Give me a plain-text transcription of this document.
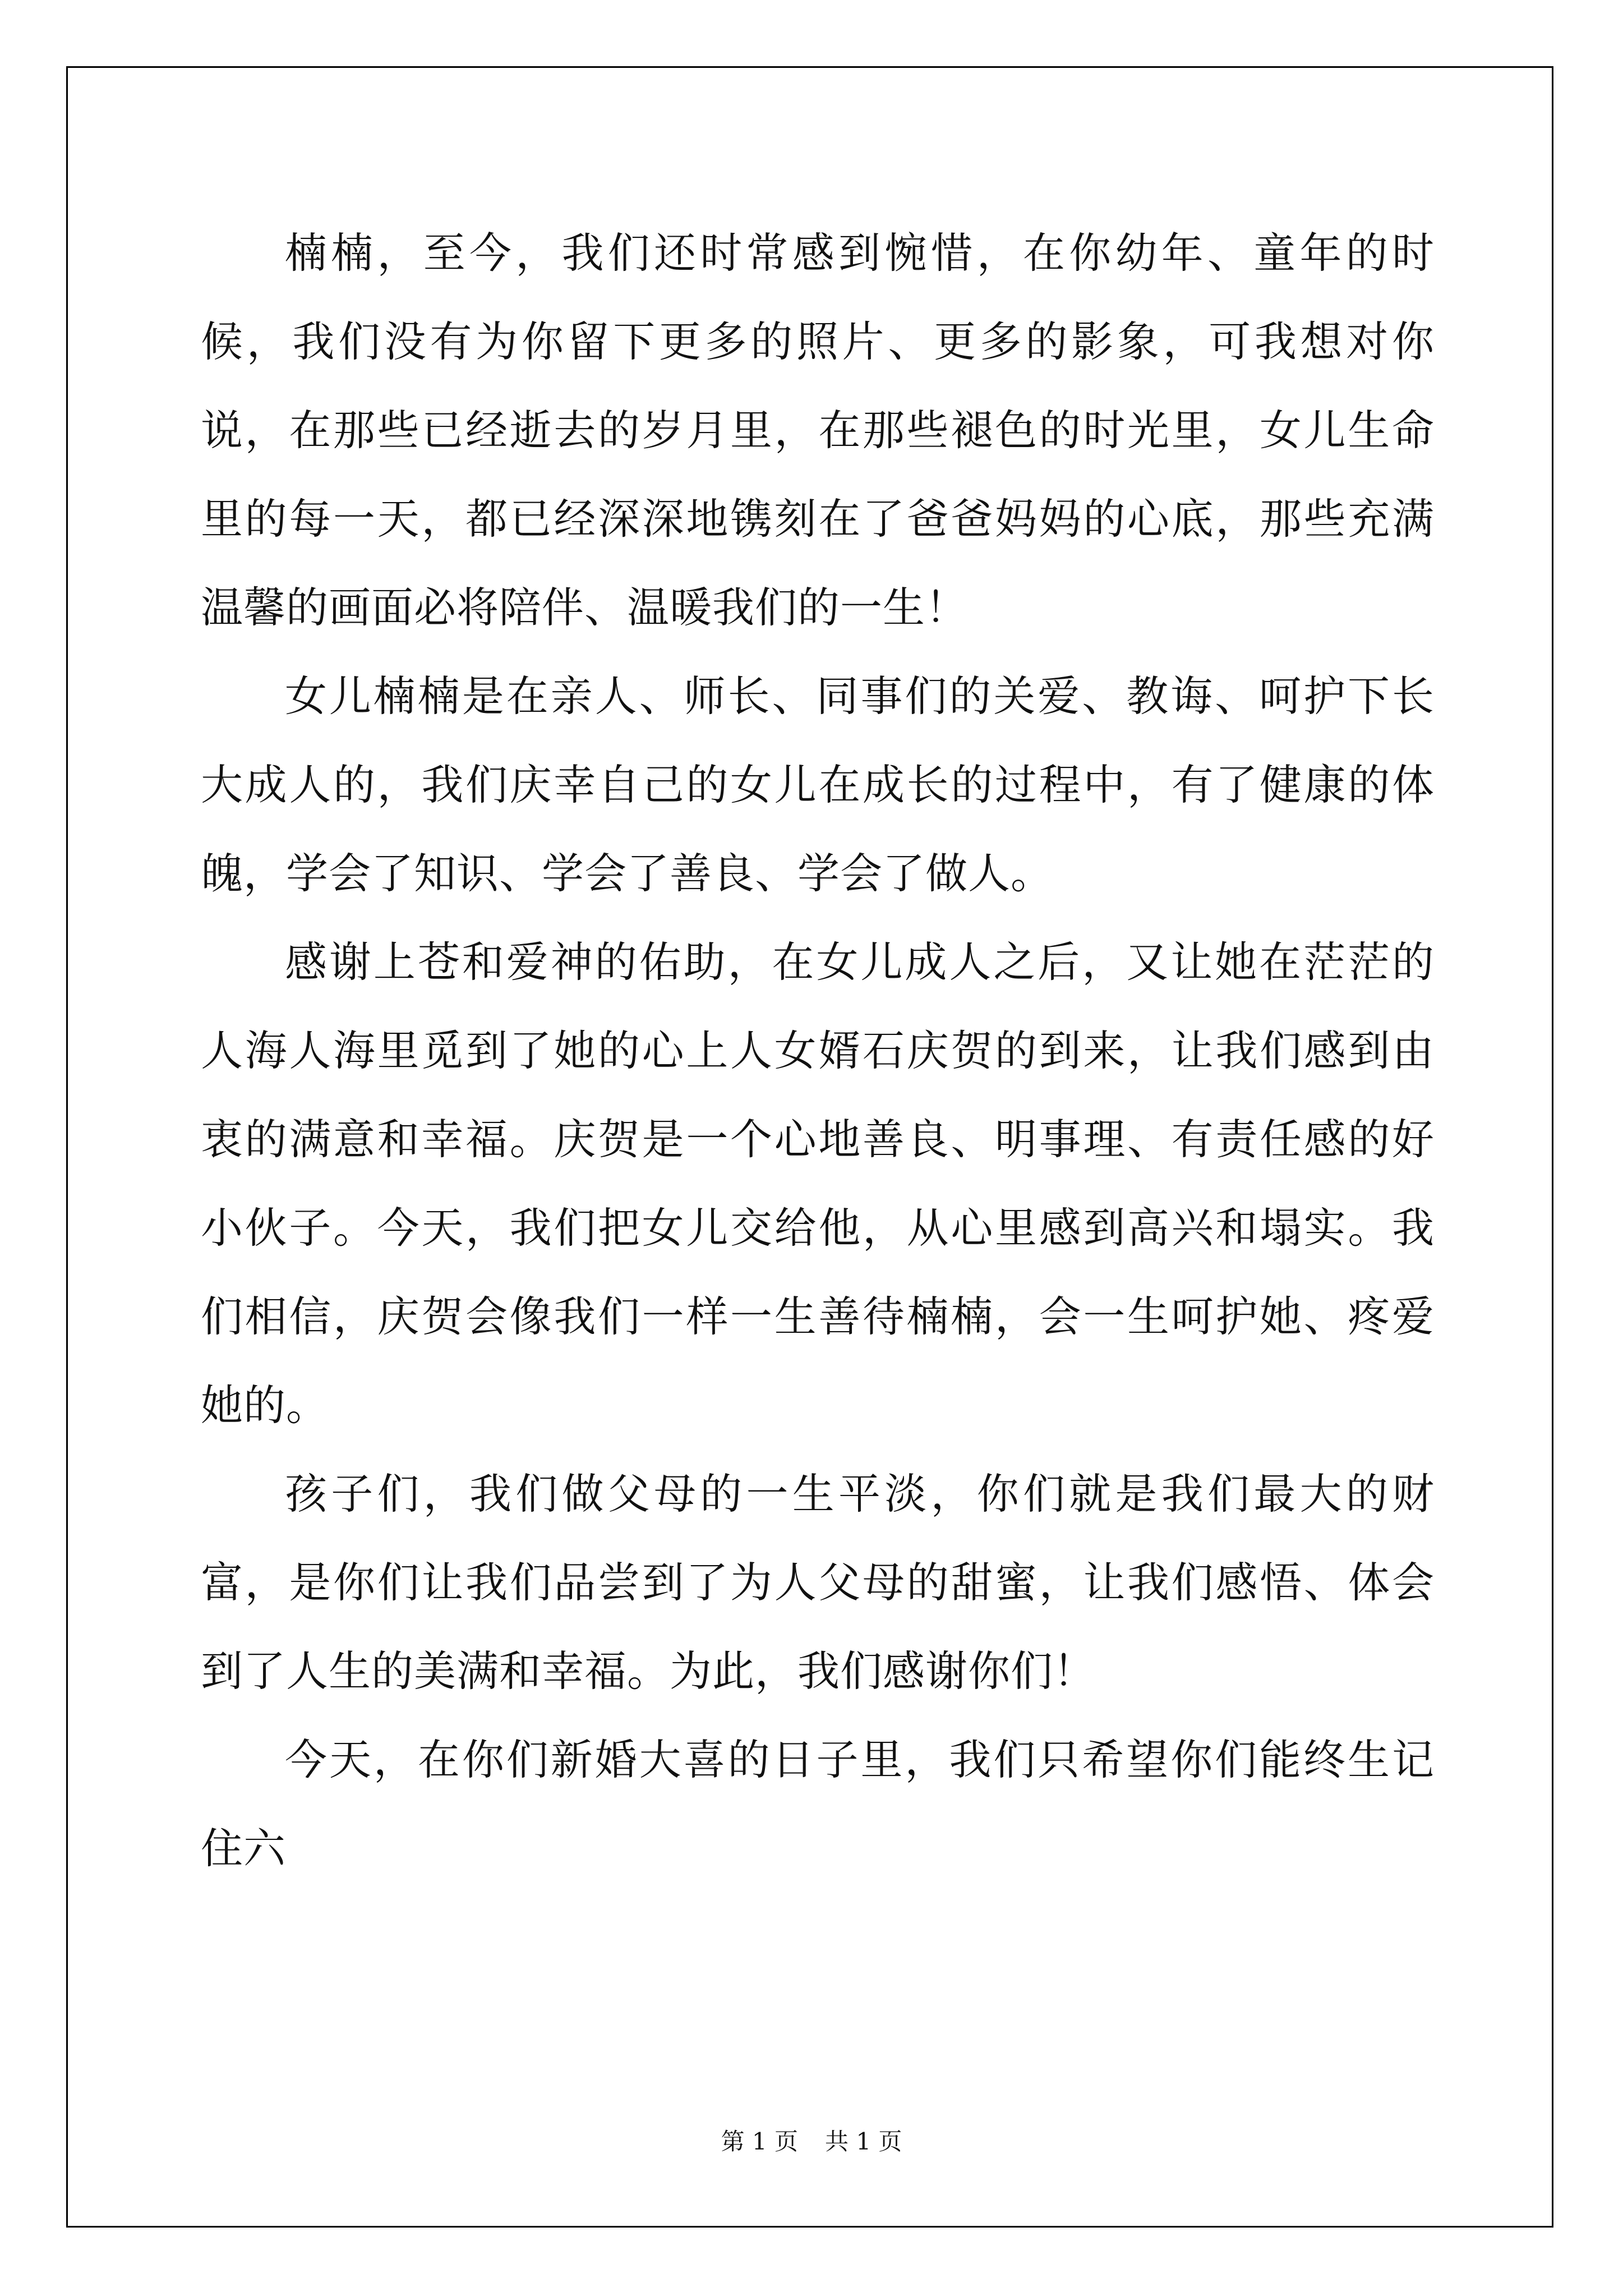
楠楠，至今，我们还时常感到惋惜，在你幼年、童年的时候，我们没有为你留下更多的照片、更多的影象，可我想对你说，在那些已经逝去的岁月里，在那些褪色的时光里，女儿生命里的每一天，都已经深深地镌刻在了爸爸妈妈的心底，那些充满温馨的画面必将陪伴、温暖我们的一生！

女儿楠楠是在亲人、师长、同事们的关爱、教诲、呵护下长大成人的，我们庆幸自己的女儿在成长的过程中，有了健康的体魄，学会了知识、学会了善良、学会了做人。

感谢上苍和爱神的佑助，在女儿成人之后，又让她在茫茫的人海人海里觅到了她的心上人女婿石庆贺的到来，让我们感到由衷的满意和幸福。庆贺是一个心地善良、明事理、有责任感的好小伙子。今天，我们把女儿交给他，从心里感到高兴和塌实。我们相信，庆贺会像我们一样一生善待楠楠，会一生呵护她、疼爱她的。

孩子们，我们做父母的一生平淡，你们就是我们最大的财富，是你们让我们品尝到了为人父母的甜蜜，让我们感悟、体会到了人生的美满和幸福。为此，我们感谢你们！

今天，在你们新婚大喜的日子里，我们只希望你们能终生记住六

第 1 页 共 1 页
